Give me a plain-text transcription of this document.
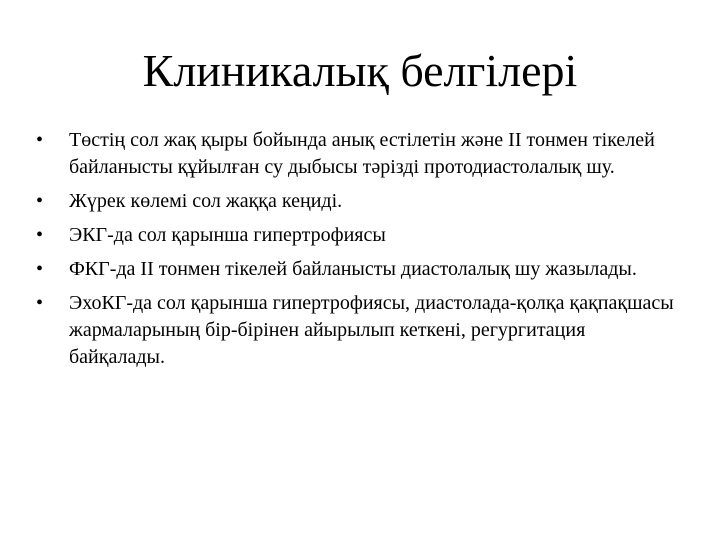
Клиникалық белгілері
• Төстің сол жақ қыры бойында анық естілетін және II тонмен тікелей байланысты құйылған су дыбысы тәрізді протодиастолалық шу.
• Жүрек көлемі сол жаққа кеңиді.
• ЭКГ-да сол қарынша гипертрофиясы
• ФКГ-да II тонмен тікелей байланысты диастолалық шу жазылады.
• ЭхоКГ-да сол қарынша гипертрофиясы, диастолада-қолқа қақпақшасы жармаларының бір-бірінен айырылып кеткені, регургитация байқалады.
